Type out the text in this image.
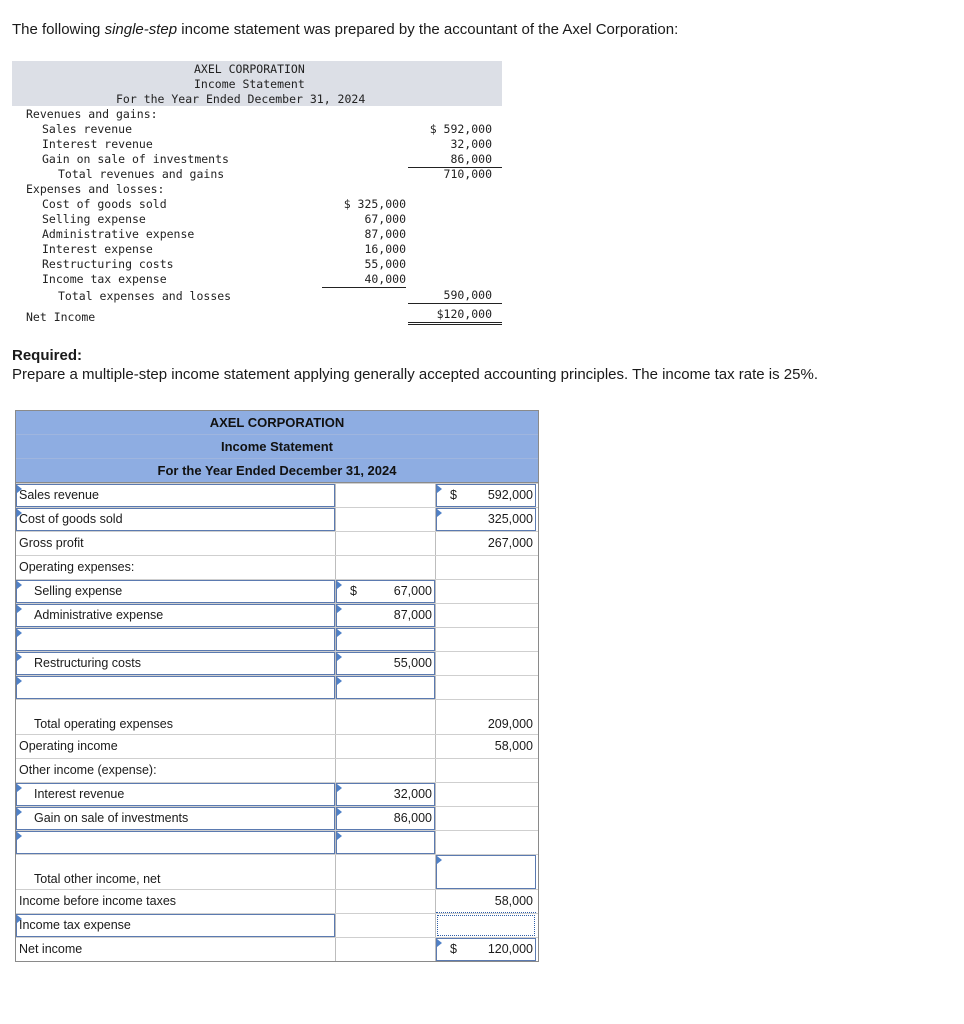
The following single-step income statement was prepared by the accountant of the Axel Corporation:

AXEL CORPORATION
Income Statement
For the Year Ended December 31, 2024
Revenues and gains:
Sales revenue	$ 592,000
Interest revenue	32,000
Gain on sale of investments	86,000
Total revenues and gains	710,000
Expenses and losses:
Cost of goods sold	$ 325,000
Selling expense	67,000
Administrative expense	87,000
Interest expense	16,000
Restructuring costs	55,000
Income tax expense	40,000
Total expenses and losses	590,000
Net Income	$120,000

Required:

Prepare a multiple-step income statement applying generally accepted accounting principles. The income tax rate is 25%.

AXEL CORPORATION
Income Statement
For the Year Ended December 31, 2024
Sales revenue	$ 592,000
Cost of goods sold	325,000
Gross profit	267,000
Operating expenses:
Selling expense	$	67,000
Administrative expense	87,000
Restructuring costs	55,000
Total operating expenses	209,000
Operating income	58,000
Other income (expense):
Interest revenue	32,000
Gain on sale of investments	86,000
Total other income, net
Income before income taxes	58,000
Income tax expense
Net income	$ 120,000
